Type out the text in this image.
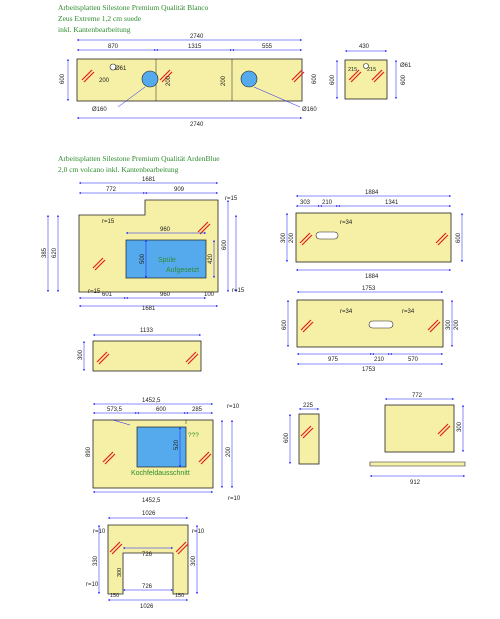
Arbeitsplatten Silestone Premium Qualität Blanco
Zeus Extreme 1,2 cm suede
inkl. Kantenbearbeitung
Arbeitsplatten Silestone Premium Qualität ArdenBlue
2,0 cm volcano inkl. Kantenbearbeitung
2740
870	1315	555
2740
600
Ø61
Ø160	Ø160
200	200	200	600
430
600
Ø61
215 215
600
1681
772	909
r=15
r=15
r=15	r=15
385 620
500	420
600
960
Spüle
Aufgesetzt
601	960	100
1681
1884
303 210	1341
r=34
1884
600
300 200
1133
300
1753
r=34	r=34
975	210	570
1753
600	300 200
1452,5
573,5	600	285	r=10
r=10
890
520
200
???
Kochfeldausschnitt
1452,5
225
600
772
912
300
1026
r=10	r=10
r=10
726
726
150	150
1026
330	300
300
